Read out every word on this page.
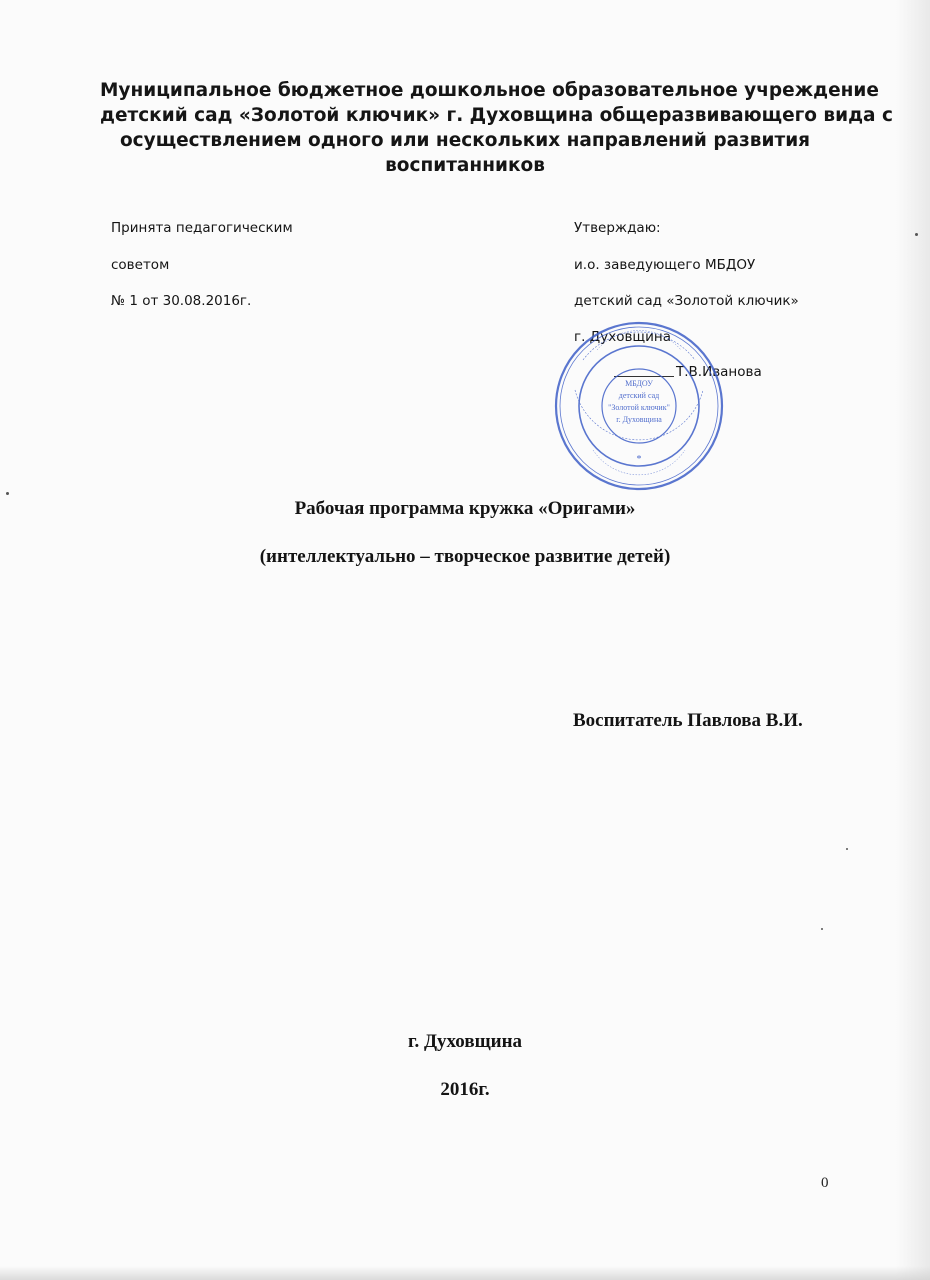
Муниципальное бюджетное дошкольное образовательное учреждение
детский сад «Золотой ключик» г. Духовщина общеразвивающего вида с
осуществлением одного или нескольких направлений развития
воспитанников
Принята педагогическим
советом
№ 1 от 30.08.2016г.
Утверждаю:
и.о. заведующего МБДОУ
детский сад «Золотой ключик»
г. Духовщина
Т.В.Иванова
МБДОУ
детский сад
"Золотой ключик"
г. Духовщина
*
Рабочая программа кружка «Оригами»
(интеллектуально – творческое развитие детей)
Воспитатель Павлова В.И.
г. Духовщина
2016г.
0
